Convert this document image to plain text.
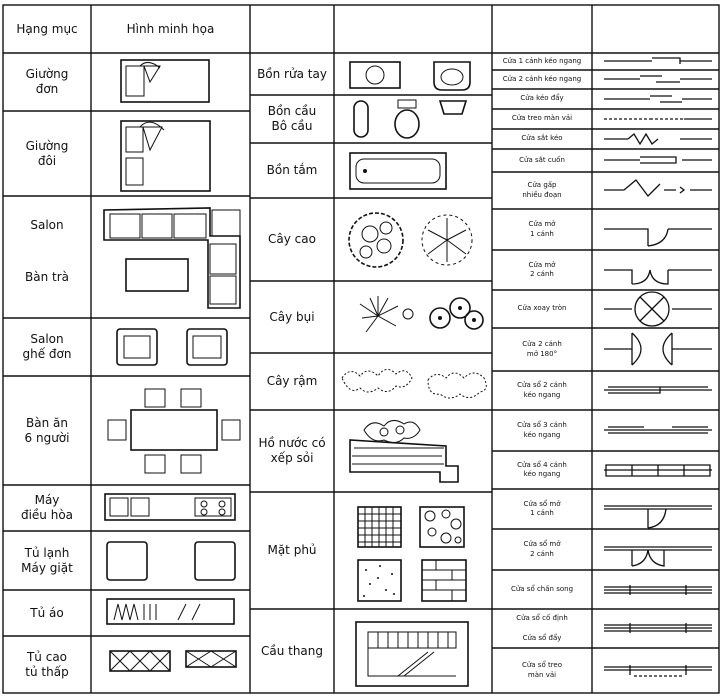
Hạng mục	Hình minh họa
Giường
đơn
Giường
đôi
Salon
Bàn trà
Salon
ghế đơn
Bàn ăn
6 người
Máy
điều hòa
Tủ lạnh
Máy giặt
Tủ áo
Tủ cao
tủ thấp
Bồn rửa tay
Bồn cầu
Bô cầu
Bồn tắm
Cây cao
Cây bụi
Cây rậm
Hồ nước có
xếp sỏi
Mặt phủ
Cầu thang
Cửa 1 cánh kéo ngang
Cửa 2 cánh kéo ngang
Cửa kéo đẩy
Cửa treo màn vải
Cửa sắt kéo
Cửa sắt cuốn
Cửa gấp
nhiều đoạn
Cửa mở
1 cánh
Cửa mở
2 cánh
Cửa xoay tròn
Cửa 2 cánh
mở 180°
Cửa sổ 2 cánh
kéo ngang
Cửa sổ 3 cánh
kéo ngang
Cửa sổ 4 cánh
kéo ngang
Cửa sổ mở
1 cánh
Cửa sổ mở
2 cánh
Cửa sổ chấn song
Cửa sổ cố định
Cửa sổ đẩy
Cửa sổ treo
màn vải
